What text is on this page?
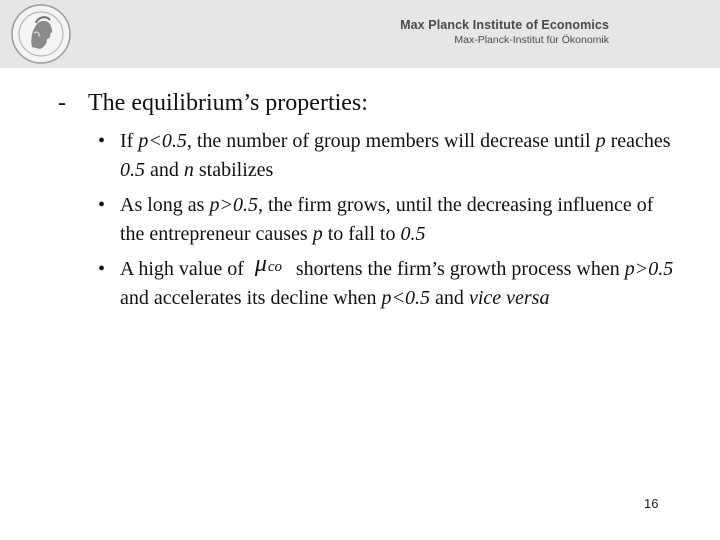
Max Planck Institute of Economics
Max-Planck-Institut für Ökonomik
- The equilibrium’s properties:
• If p<0.5, the number of group members will decrease until p reaches 0.5 and n stabilizes
• As long as p>0.5, the firm grows, until the decreasing influence of the entrepreneur causes p to fall to 0.5
• A high value of μ co shortens the firm’s growth process when p>0.5 and accelerates its decline when p<0.5 and vice versa
16
